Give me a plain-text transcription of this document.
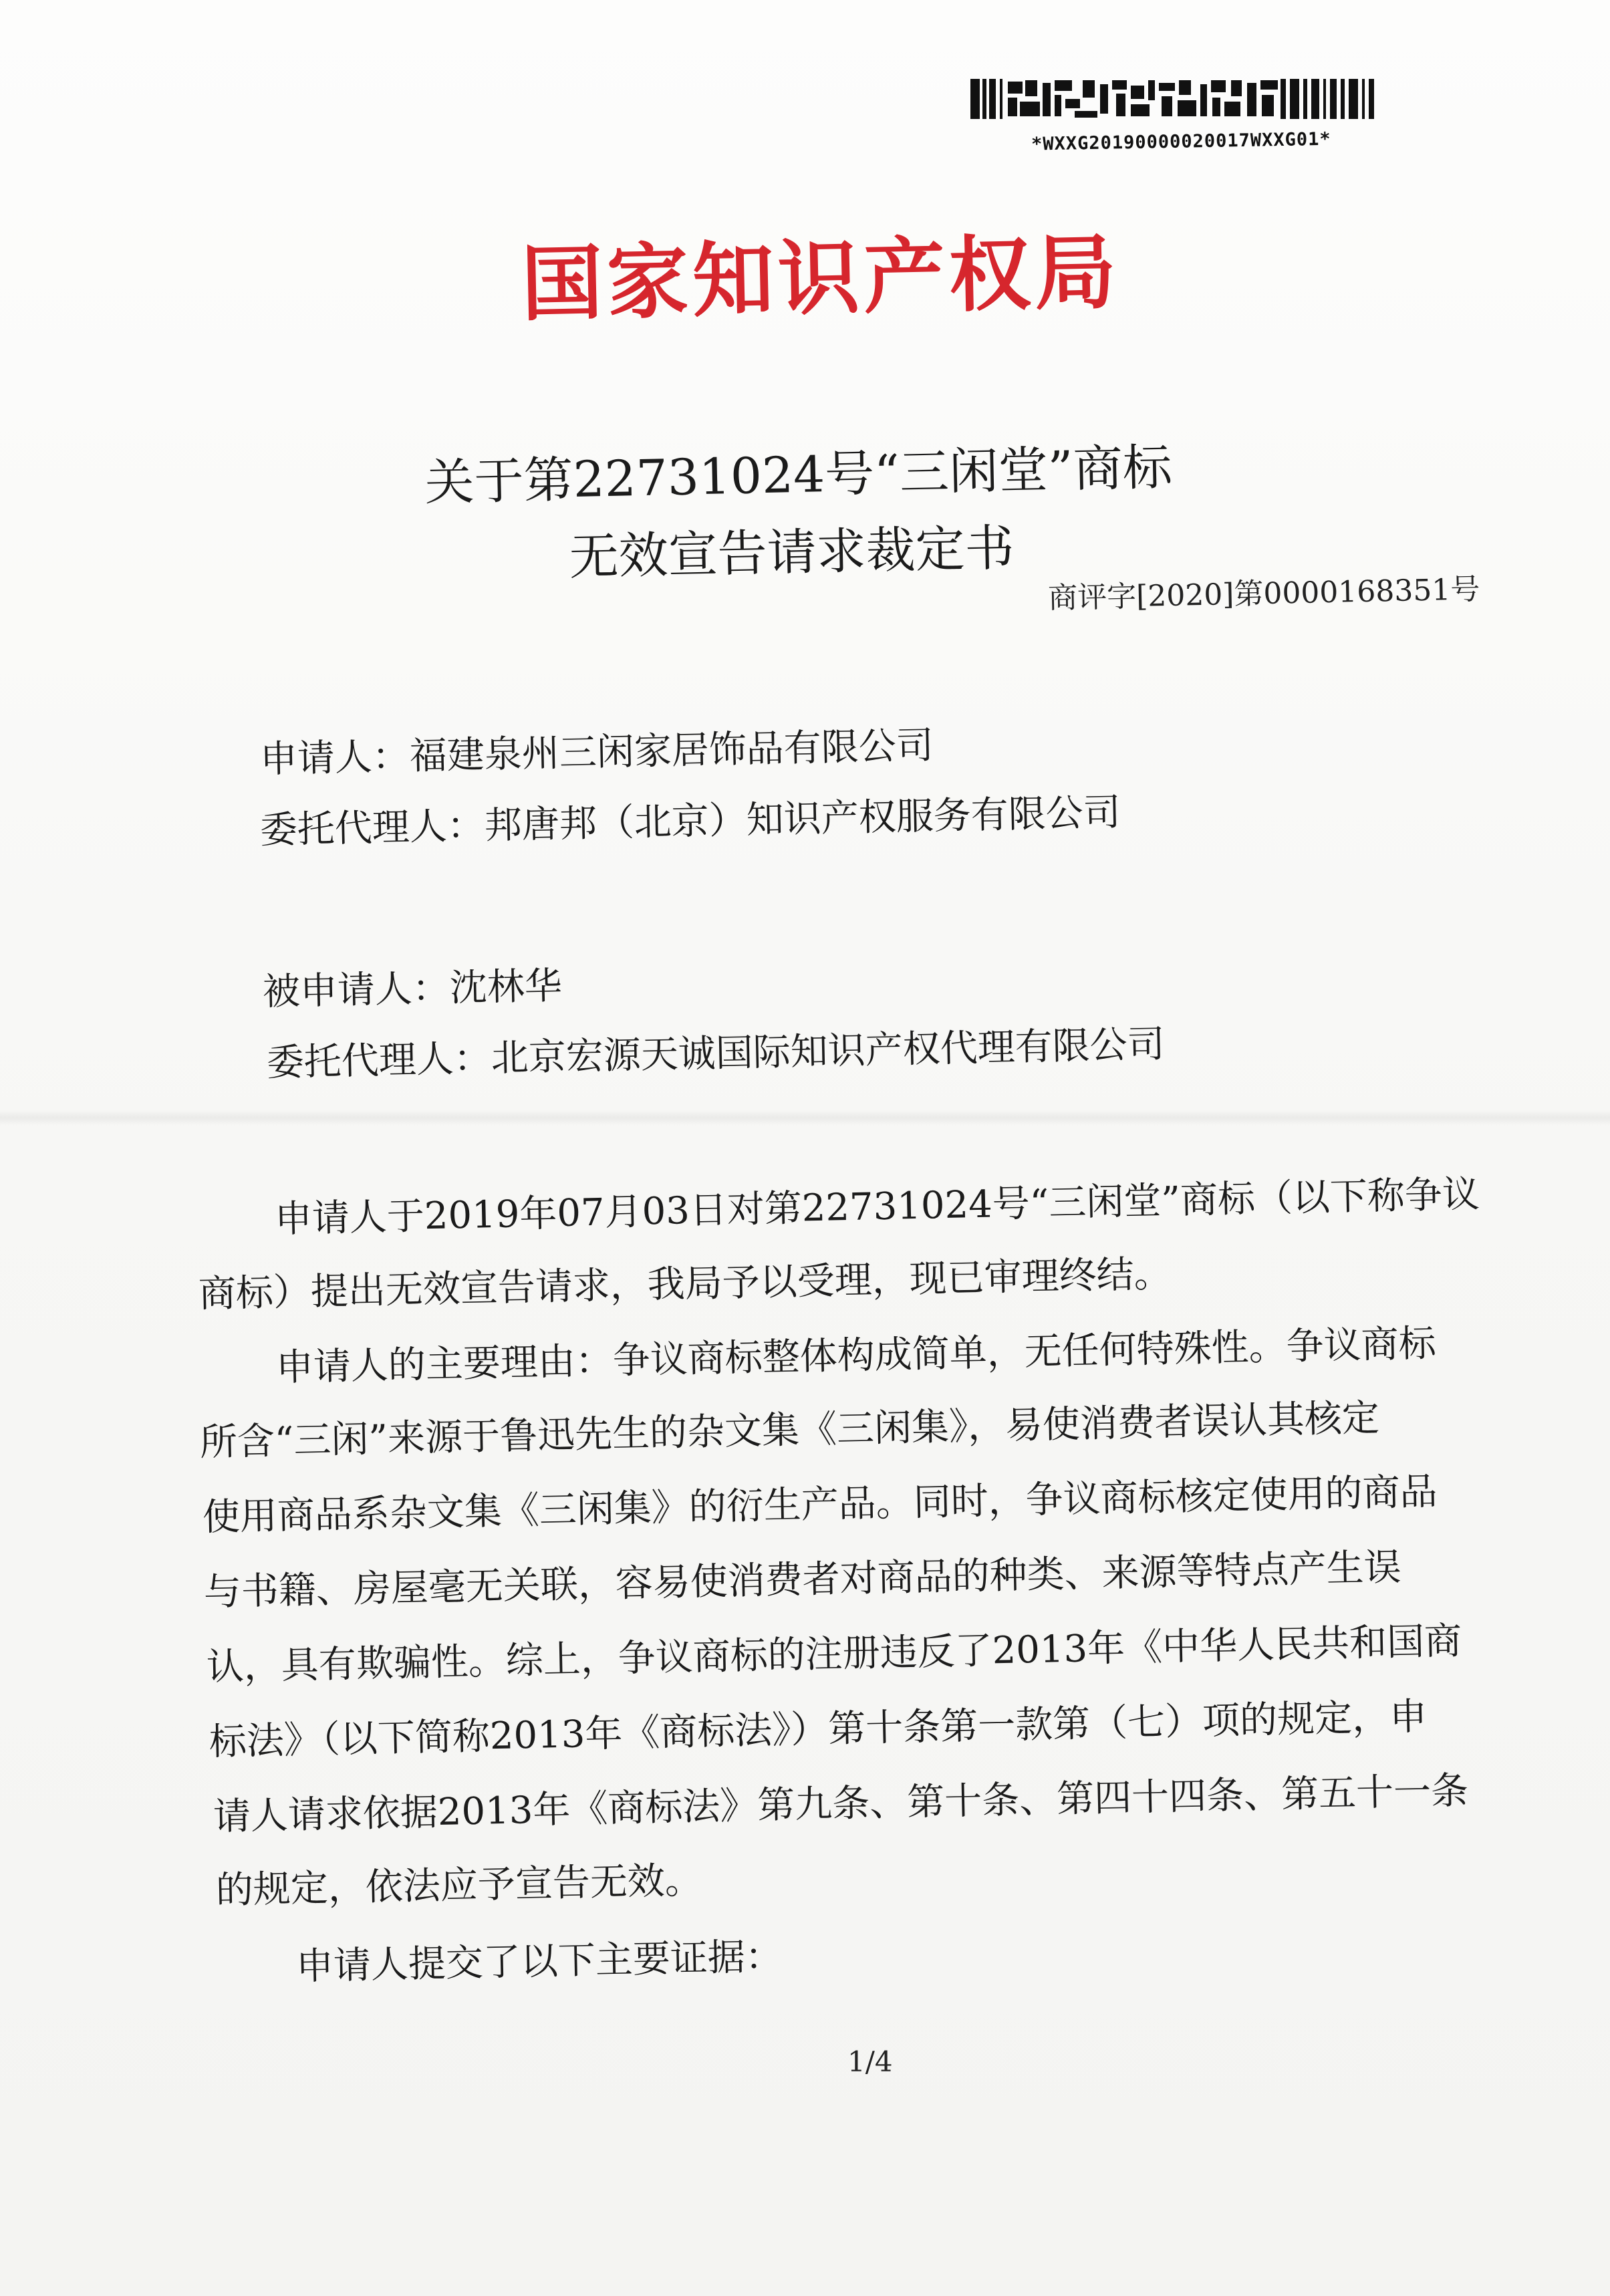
*WXXG20190000020017WXXG01*
国家知识产权局
关于第22731024号“三闲堂”商标
无效宣告请求裁定书
商评字[2020]第0000168351号
申请人：福建泉州三闲家居饰品有限公司
委托代理人：邦唐邦（北京）知识产权服务有限公司
被申请人：沈林华
委托代理人：北京宏源天诚国际知识产权代理有限公司
申请人于2019年07月03日对第22731024号“三闲堂”商标（以下称争议
商标）提出无效宣告请求，我局予以受理，现已审理终结。
申请人的主要理由：争议商标整体构成简单，无任何特殊性。争议商标
所含“三闲”来源于鲁迅先生的杂文集《三闲集》，易使消费者误认其核定
使用商品系杂文集《三闲集》的衍生产品。同时，争议商标核定使用的商品
与书籍、房屋毫无关联，容易使消费者对商品的种类、来源等特点产生误
认，具有欺骗性。综上，争议商标的注册违反了2013年《中华人民共和国商
标法》（以下简称2013年《商标法》）第十条第一款第（七）项的规定，申
请人请求依据2013年《商标法》第九条、第十条、第四十四条、第五十一条
的规定，依法应予宣告无效。
申请人提交了以下主要证据：
1/4
